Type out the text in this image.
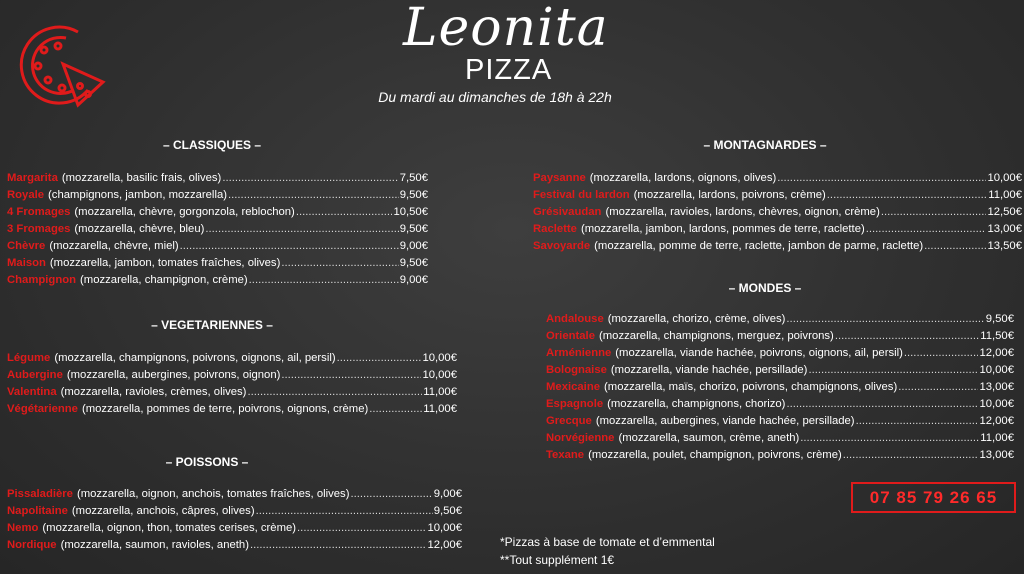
Leonita
PIZZA
Du mardi au dimanches de 18h à 22h
– CLASSIQUES –
Margarita (mozzarella, basilic frais, olives) .....	7,50€
Royale (champignons, jambon, mozzarella) .....	9,50€
4 Fromages (mozzarella, chèvre, gorgonzola, reblochon) .....	10,50€
3 Fromages (mozzarella, chèvre, bleu) .....	9,50€
Chèvre (mozzarella, chèvre, miel) .....	9,00€
Maison (mozzarella, jambon, tomates fraîches, olives) .....	9,50€
Champignon (mozzarella, champignon, crème) .....	9,00€
– VEGETARIENNES –
Légume (mozzarella, champignons, poivrons, oignons, ail, persil) .....	10,00€
Aubergine (mozzarella, aubergines, poivrons, oignon) .....	10,00€
Valentina (mozzarella, ravioles, crèmes, olives) .....	11,00€
Végétarienne (mozzarella, pommes de terre, poivrons, oignons, crème) .....	11,00€
– POISSONS –
Pissaladière (mozzarella, oignon, anchois, tomates fraîches, olives) .....	9,00€
Napolitaine (mozzarella, anchois, câpres, olives) .....	9,50€
Nemo (mozzarella, oignon, thon, tomates cerises, crème) .....	10,00€
Nordique (mozzarella, saumon, ravioles, aneth) .....	12,00€
– MONTAGNARDES –
Paysanne (mozzarella, lardons, oignons, olives) .....	10,00€
Festival du lardon (mozzarella, lardons, poivrons, crème) .....	11,00€
Grésivaudan (mozzarella, ravioles, lardons, chèvres, oignon, crème) .....	12,50€
Raclette (mozzarella, jambon, lardons, pommes de terre, raclette) .....	13,00€
Savoyarde (mozzarella, pomme de terre, raclette, jambon de parme, raclette) .....	13,50€
– MONDES –
Andalouse (mozzarella, chorizo, crème, olives) .....	9,50€
Orientale (mozzarella, champignons, merguez, poivrons) .....	11,50€
Arménienne (mozzarella, viande hachée, poivrons, oignons, ail, persil) .....	12,00€
Bolognaise (mozzarella, viande hachée, persillade) .....	10,00€
Mexicaine (mozzarella, maïs, chorizo, poivrons, champignons, olives) .....	13,00€
Espagnole (mozzarella, champignons, chorizo) .....	10,00€
Grecque (mozzarella, aubergines, viande hachée, persillade) .....	12,00€
Norvégienne (mozzarella, saumon, crème, aneth) .....	11,00€
Texane (mozzarella, poulet, champignon, poivrons, crème) .....	13,00€
07 85 79 26 65
*Pizzas à base de tomate et d’emmental
**Tout supplément 1€
